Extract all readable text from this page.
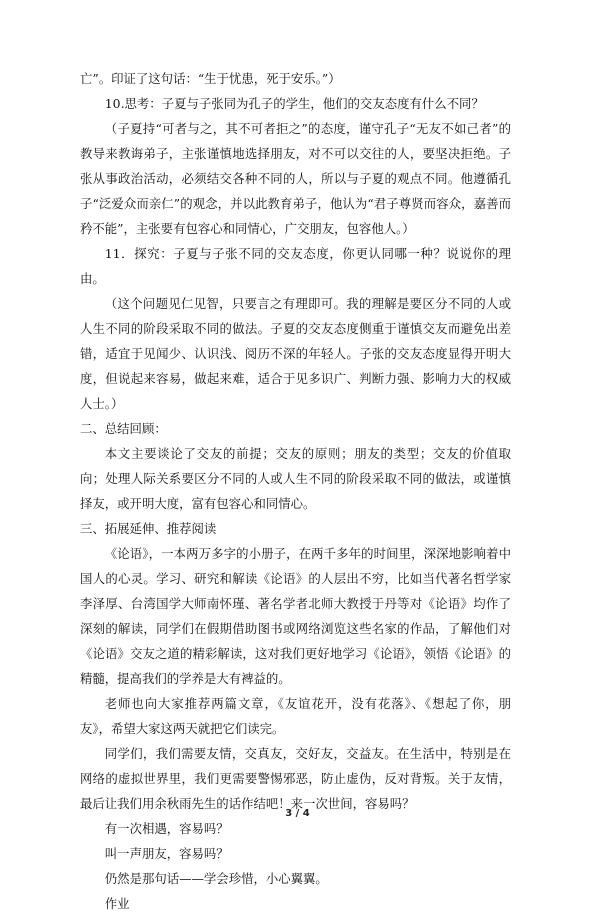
亡”。印证了这句话：“生于忧患，死于安乐。”）

10.思考：子夏与子张同为孔子的学生，他们的交友态度有什么不同？

（子夏持“可者与之，其不可者拒之”的态度，谨守孔子“无友不如己者”的教导来教诲弟子，主张谨慎地选择朋友，对不可以交往的人，要坚决拒绝。子张从事政治活动，必须结交各种不同的人，所以与子夏的观点不同。他遵循孔子“泛爱众而亲仁”的观念，并以此教育弟子，他认为“君子尊贤而容众，嘉善而矜不能”，主张要有包容心和同情心，广交朋友，包容他人。）

11．探究：子夏与子张不同的交友态度，你更认同哪一种？说说你的理由。

（这个问题见仁见智，只要言之有理即可。我的理解是要区分不同的人或人生不同的阶段采取不同的做法。子夏的交友态度侧重于谨慎交友而避免出差错，适宜于见闻少、认识浅、阅历不深的年轻人。子张的交友态度显得开明大度，但说起来容易，做起来难，适合于见多识广、判断力强、影响力大的权威人士。）

二、总结回顾：

本文主要谈论了交友的前提；交友的原则；朋友的类型；交友的价值取向；处理人际关系要区分不同的人或人生不同的阶段采取不同的做法，或谨慎择友，或开明大度，富有包容心和同情心。

三、拓展延伸、推荐阅读

《论语》，一本两万多字的小册子，在两千多年的时间里，深深地影响着中国人的心灵。学习、研究和解读《论语》的人层出不穷，比如当代著名哲学家李泽厚、台湾国学大师南怀瑾、著名学者北师大教授于丹等对《论语》均作了深刻的解读，同学们在假期借助图书或网络浏览这些名家的作品，了解他们对《论语》交友之道的精彩解读，这对我们更好地学习《论语》，领悟《论语》的精髓，提高我们的学养是大有裨益的。

老师也向大家推荐两篇文章，《友谊花开，没有花落》、《想起了你，朋友》，希望大家这两天就把它们读完。

同学们，我们需要友情，交真友，交好友，交益友。在生活中，特别是在网络的虚拟世界里，我们更需要警惕邪恶，防止虚伪，反对背叛。关于友情，最后让我们用余秋雨先生的话作结吧！来一次世间，容易吗？

有一次相遇，容易吗？

叫一声朋友，容易吗？

仍然是那句话——学会珍惜，小心翼翼。

作业

3 / 4
